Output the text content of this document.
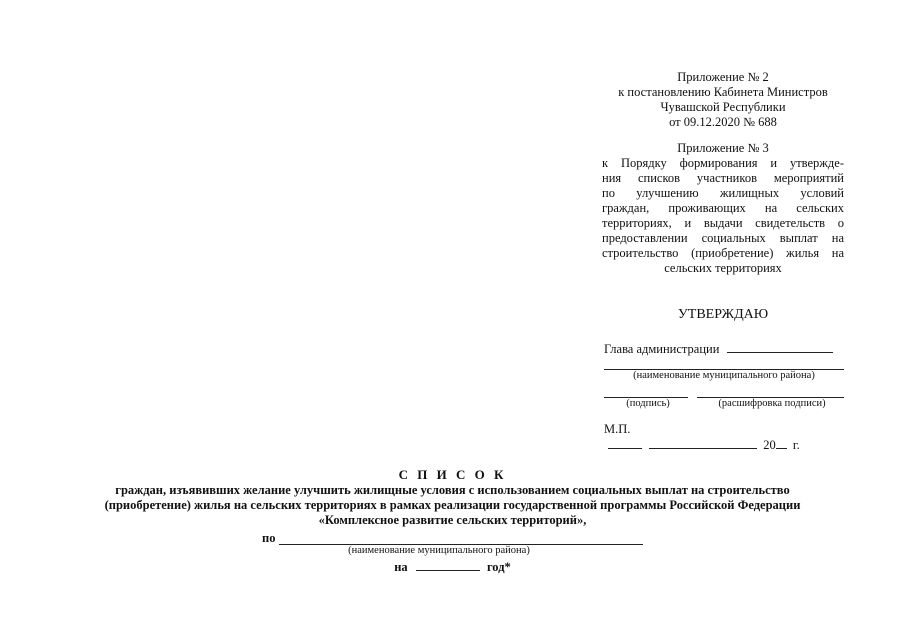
Приложение № 2
к постановлению Кабинета Министров
Чувашской Республики
от 09.12.2020 № 688
Приложение № 3
к Порядку формирования и утвержде-
ния списков участников мероприятий
по улучшению жилищных условий
граждан, проживающих на сельских
территориях, и выдачи свидетельств о
предоставлении социальных выплат на
строительство (приобретение) жилья на
сельских территориях
УТВЕРЖДАЮ
Глава администрации
(наименование муниципального района)
(подпись)	(расшифровка подписи)
М.П.
20 г.
С П И С О К
граждан, изъявивших желание улучшить жилищные условия с использованием социальных выплат на строительство
(приобретение) жилья на сельских территориях в рамках реализации государственной программы Российской Федерации
«Комплексное развитие сельских территорий»,
по
(наименование муниципального района)
на	год*
